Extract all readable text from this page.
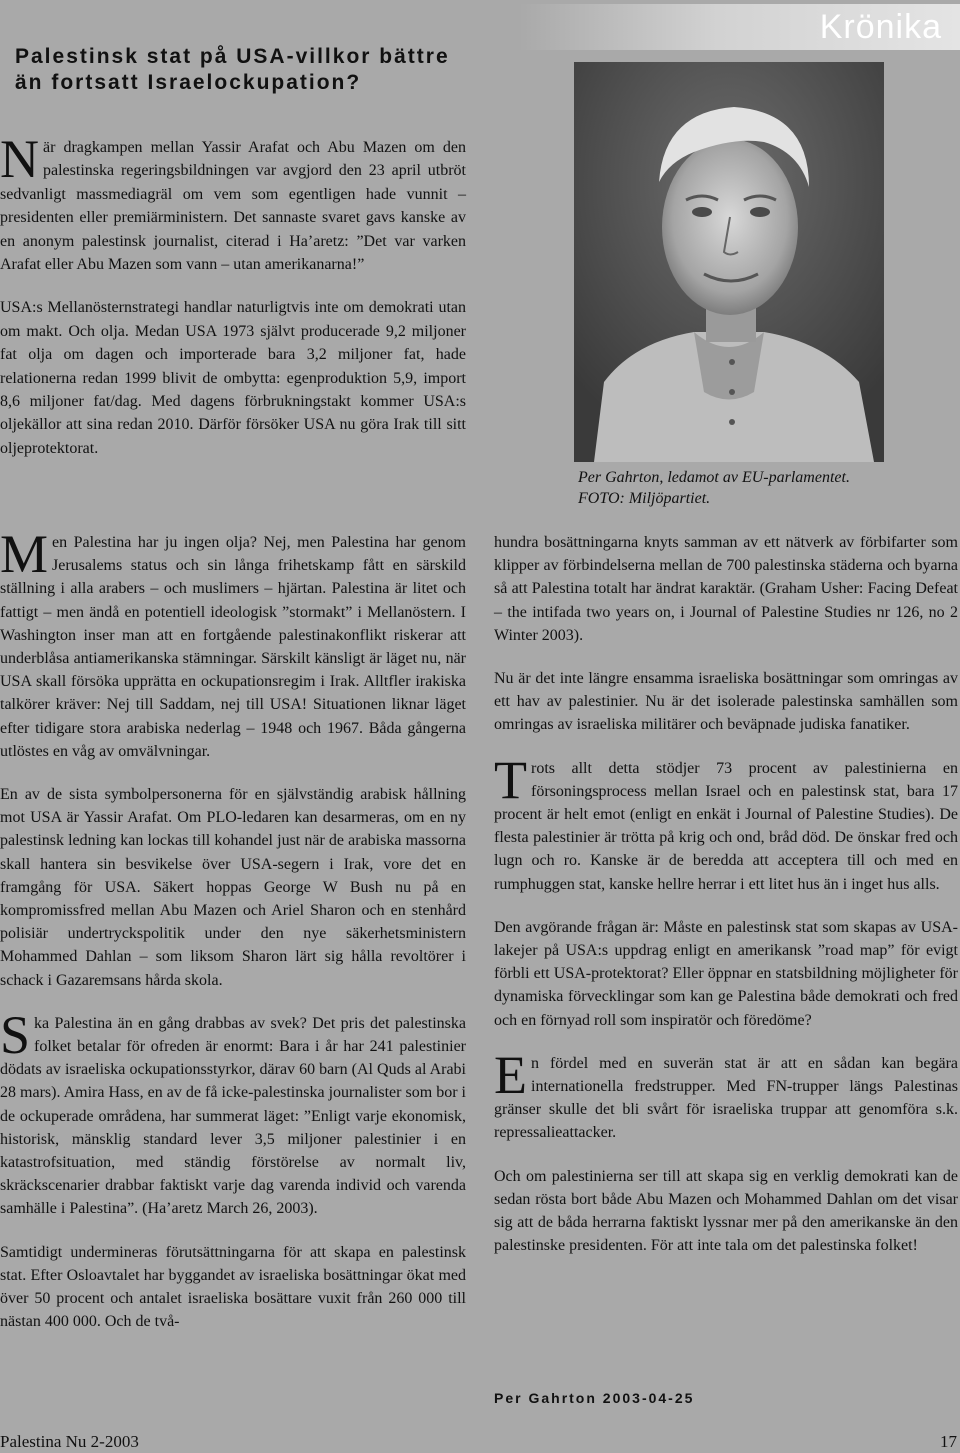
Krönika
Palestinsk stat på USA-villkor bättre än fortsatt Israelockupation?
Per Gahrton, ledamot av EU-parlamentet.
FOTO: Miljöpartiet.

När dragkampen mellan Yassir Arafat och Abu Mazen om den palestinska regeringsbildningen var avgjord den 23 april utbröt sedvanligt massmediagräl om vem som egentligen hade vunnit – presidenten eller premiärministern. Det sannaste svaret gavs kanske av en anonym palestinsk journalist, citerad i Ha’aretz: ”Det var varken Arafat eller Abu Mazen som vann – utan amerikanarna!”

USA:s Mellanösternstrategi handlar naturligtvis inte om demokrati utan om makt. Och olja. Medan USA 1973 självt producerade 9,2 miljoner fat olja om dagen och importerade bara 3,2 miljoner fat, hade relationerna redan 1999 blivit de ombytta: egenproduktion 5,9, import 8,6 miljoner fat/dag. Med dagens förbrukningstakt kommer USA:s oljekällor att sina redan 2010. Därför försöker USA nu göra Irak till sitt oljeprotektorat.

Men Palestina har ju ingen olja? Nej, men Palestina har genom Jerusalems status och sin långa frihetskamp fått en särskild ställning i alla arabers – och muslimers – hjärtan. Palestina är litet och fattigt – men ändå en potentiell ideologisk ”stormakt” i Mellanöstern. I Washington inser man att en fortgående palestinakonflikt riskerar att underblåsa antiamerikanska stämningar. Särskilt känsligt är läget nu, när USA skall försöka upprätta en ockupationsregim i Irak. Alltfler irakiska talkörer kräver: Nej till Saddam, nej till USA! Situationen liknar läget efter tidigare stora arabiska nederlag – 1948 och 1967. Båda gångerna utlöstes en våg av omvälvningar.

En av de sista symbolpersonerna för en självständig arabisk hållning mot USA är Yassir Arafat. Om PLO-ledaren kan desarmeras, om en ny palestinsk ledning kan lockas till kohandel just när de arabiska massorna skall hantera sin besvikelse över USA-segern i Irak, vore det en framgång för USA. Säkert hoppas George W Bush nu på en kompromissfred mellan Abu Mazen och Ariel Sharon och en stenhård polisiär undertryckspolitik under den nye säkerhetsministern Mohammed Dahlan – som liksom Sharon lärt sig hålla revoltörer i schack i Gazaremsans hårda skola.

Ska Palestina än en gång drabbas av svek? Det pris det palestinska folket betalar för ofreden är enormt: Bara i år har 241 palestinier dödats av israeliska ockupationsstyrkor, därav 60 barn (Al Quds al Arabi 28 mars). Amira Hass, en av de få icke-palestinska journalister som bor i de ockuperade områdena, har summerat läget: ”Enligt varje ekonomisk, historisk, mänsklig standard lever 3,5 miljoner palestinier i en katastrofsituation, med ständig förstörelse av normalt liv, skräckscenarier drabbar faktiskt varje dag varenda individ och varenda samhälle i Palestina”. (Ha’aretz March 26, 2003).

Samtidigt undermineras förutsättningarna för att skapa en palestinsk stat. Efter Osloavtalet har byggandet av israeliska bosättningar ökat med över 50 procent och antalet israeliska bosättare vuxit från 260 000 till nästan 400 000. Och de två-

hundra bosättningarna knyts samman av ett nätverk av förbifarter som klipper av förbindelserna mellan de 700 palestinska städerna och byarna så att Palestina totalt har ändrat karaktär. (Graham Usher: Facing Defeat – the intifada two years on, i Journal of Palestine Studies nr 126, no 2 Winter 2003).

Nu är det inte längre ensamma israeliska bosättningar som omringas av ett hav av palestinier. Nu är det isolerade palestinska samhällen som omringas av israeliska militärer och beväpnade judiska fanatiker.

Trots allt detta stödjer 73 procent av palestinierna en försoningsprocess mellan Israel och en palestinsk stat, bara 17 procent är helt emot (enligt en enkät i Journal of Palestine Studies). De flesta palestinier är trötta på krig och ond, bråd död. De önskar fred och lugn och ro. Kanske är de beredda att acceptera till och med en rumphuggen stat, kanske hellre herrar i ett litet hus än i inget hus alls.

Den avgörande frågan är: Måste en palestinsk stat som skapas av USA-lakejer på USA:s uppdrag enligt en amerikansk ”road map” för evigt förbli ett USA-protektorat? Eller öppnar en statsbildning möjligheter för dynamiska förvecklingar som kan ge Palestina både demokrati och fred och en förnyad roll som inspiratör och föredöme?

En fördel med en suverän stat är att en sådan kan begära internationella fredstrupper. Med FN-trupper längs Palestinas gränser skulle det bli svårt för israeliska truppar att genomföra s.k. repressalieattacker.

Och om palestinierna ser till att skapa sig en verklig demokrati kan de sedan rösta bort både Abu Mazen och Mohammed Dahlan om det visar sig att de båda herrarna faktiskt lyssnar mer på den amerikanske än den palestinske presidenten. För att inte tala om det palestinska folket!

Per Gahrton 2003-04-25
Palestina Nu 2-2003	17
